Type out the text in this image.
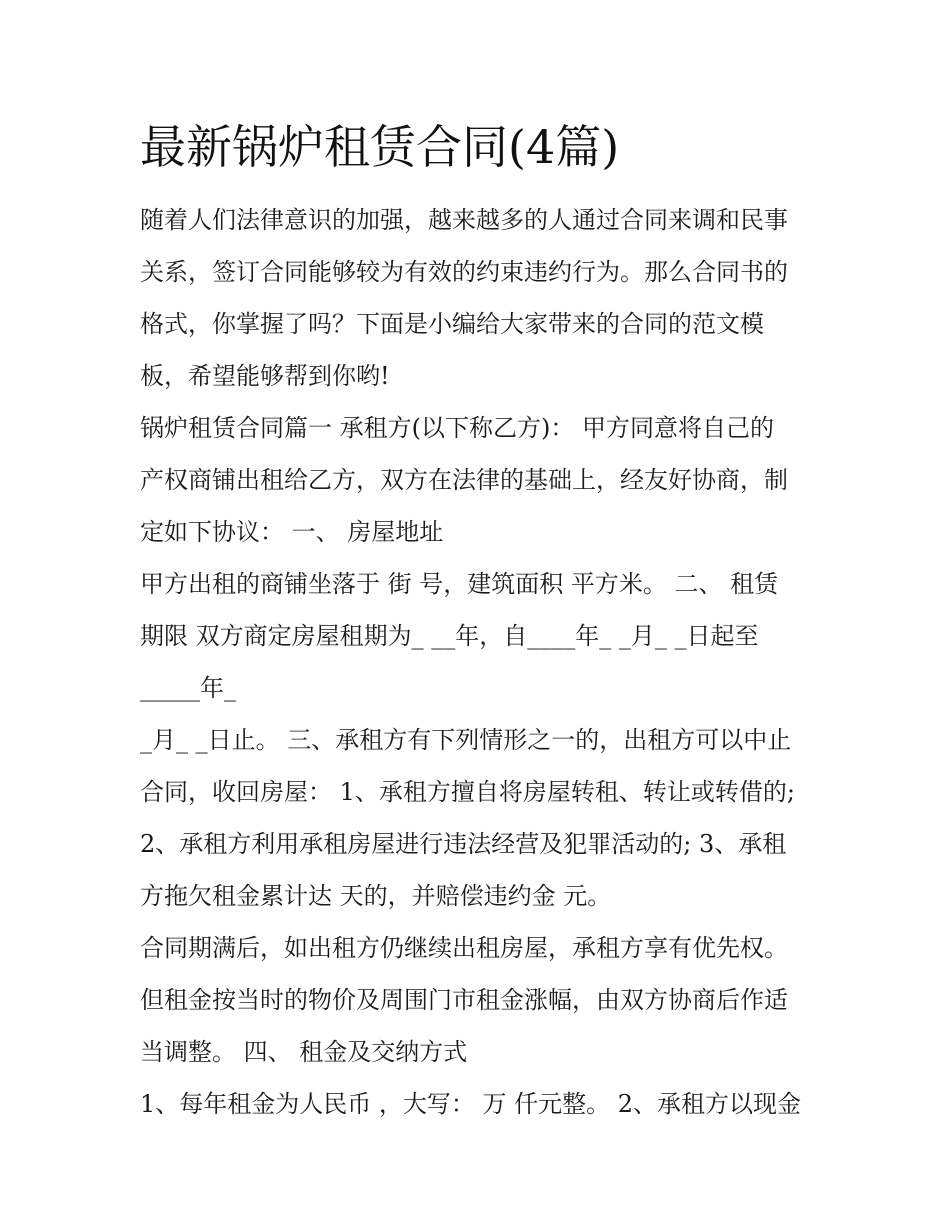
最新锅炉租赁合同(4篇)
随着人们法律意识的加强，越来越多的人通过合同来调和民事
关系，签订合同能够较为有效的约束违约行为。那么合同书的
格式，你掌握了吗？下面是小编给大家带来的合同的范文模
板，希望能够帮到你哟!
锅炉租赁合同篇一 承租方(以下称乙方)： 甲方同意将自己的
产权商铺出租给乙方，双方在法律的基础上，经友好协商，制
定如下协议： 一、 房屋地址
甲方出租的商铺坐落于 街 号，建筑面积 平方米。 二、 租赁
期限 双方商定房屋租期为_ __年，自____年_ _月_ _日起至
_____年_
_月_ _日止。 三、承租方有下列情形之一的，出租方可以中止
合同，收回房屋： 1、承租方擅自将房屋转租、转让或转借的;
2、承租方利用承租房屋进行违法经营及犯罪活动的; 3、承租
方拖欠租金累计达 天的，并赔偿违约金 元。
合同期满后，如出租方仍继续出租房屋，承租方享有优先权。
但租金按当时的物价及周围门市租金涨幅，由双方协商后作适
当调整。 四、 租金及交纳方式
1、每年租金为人民币 ，大写： 万 仟元整。 2、承租方以现金
